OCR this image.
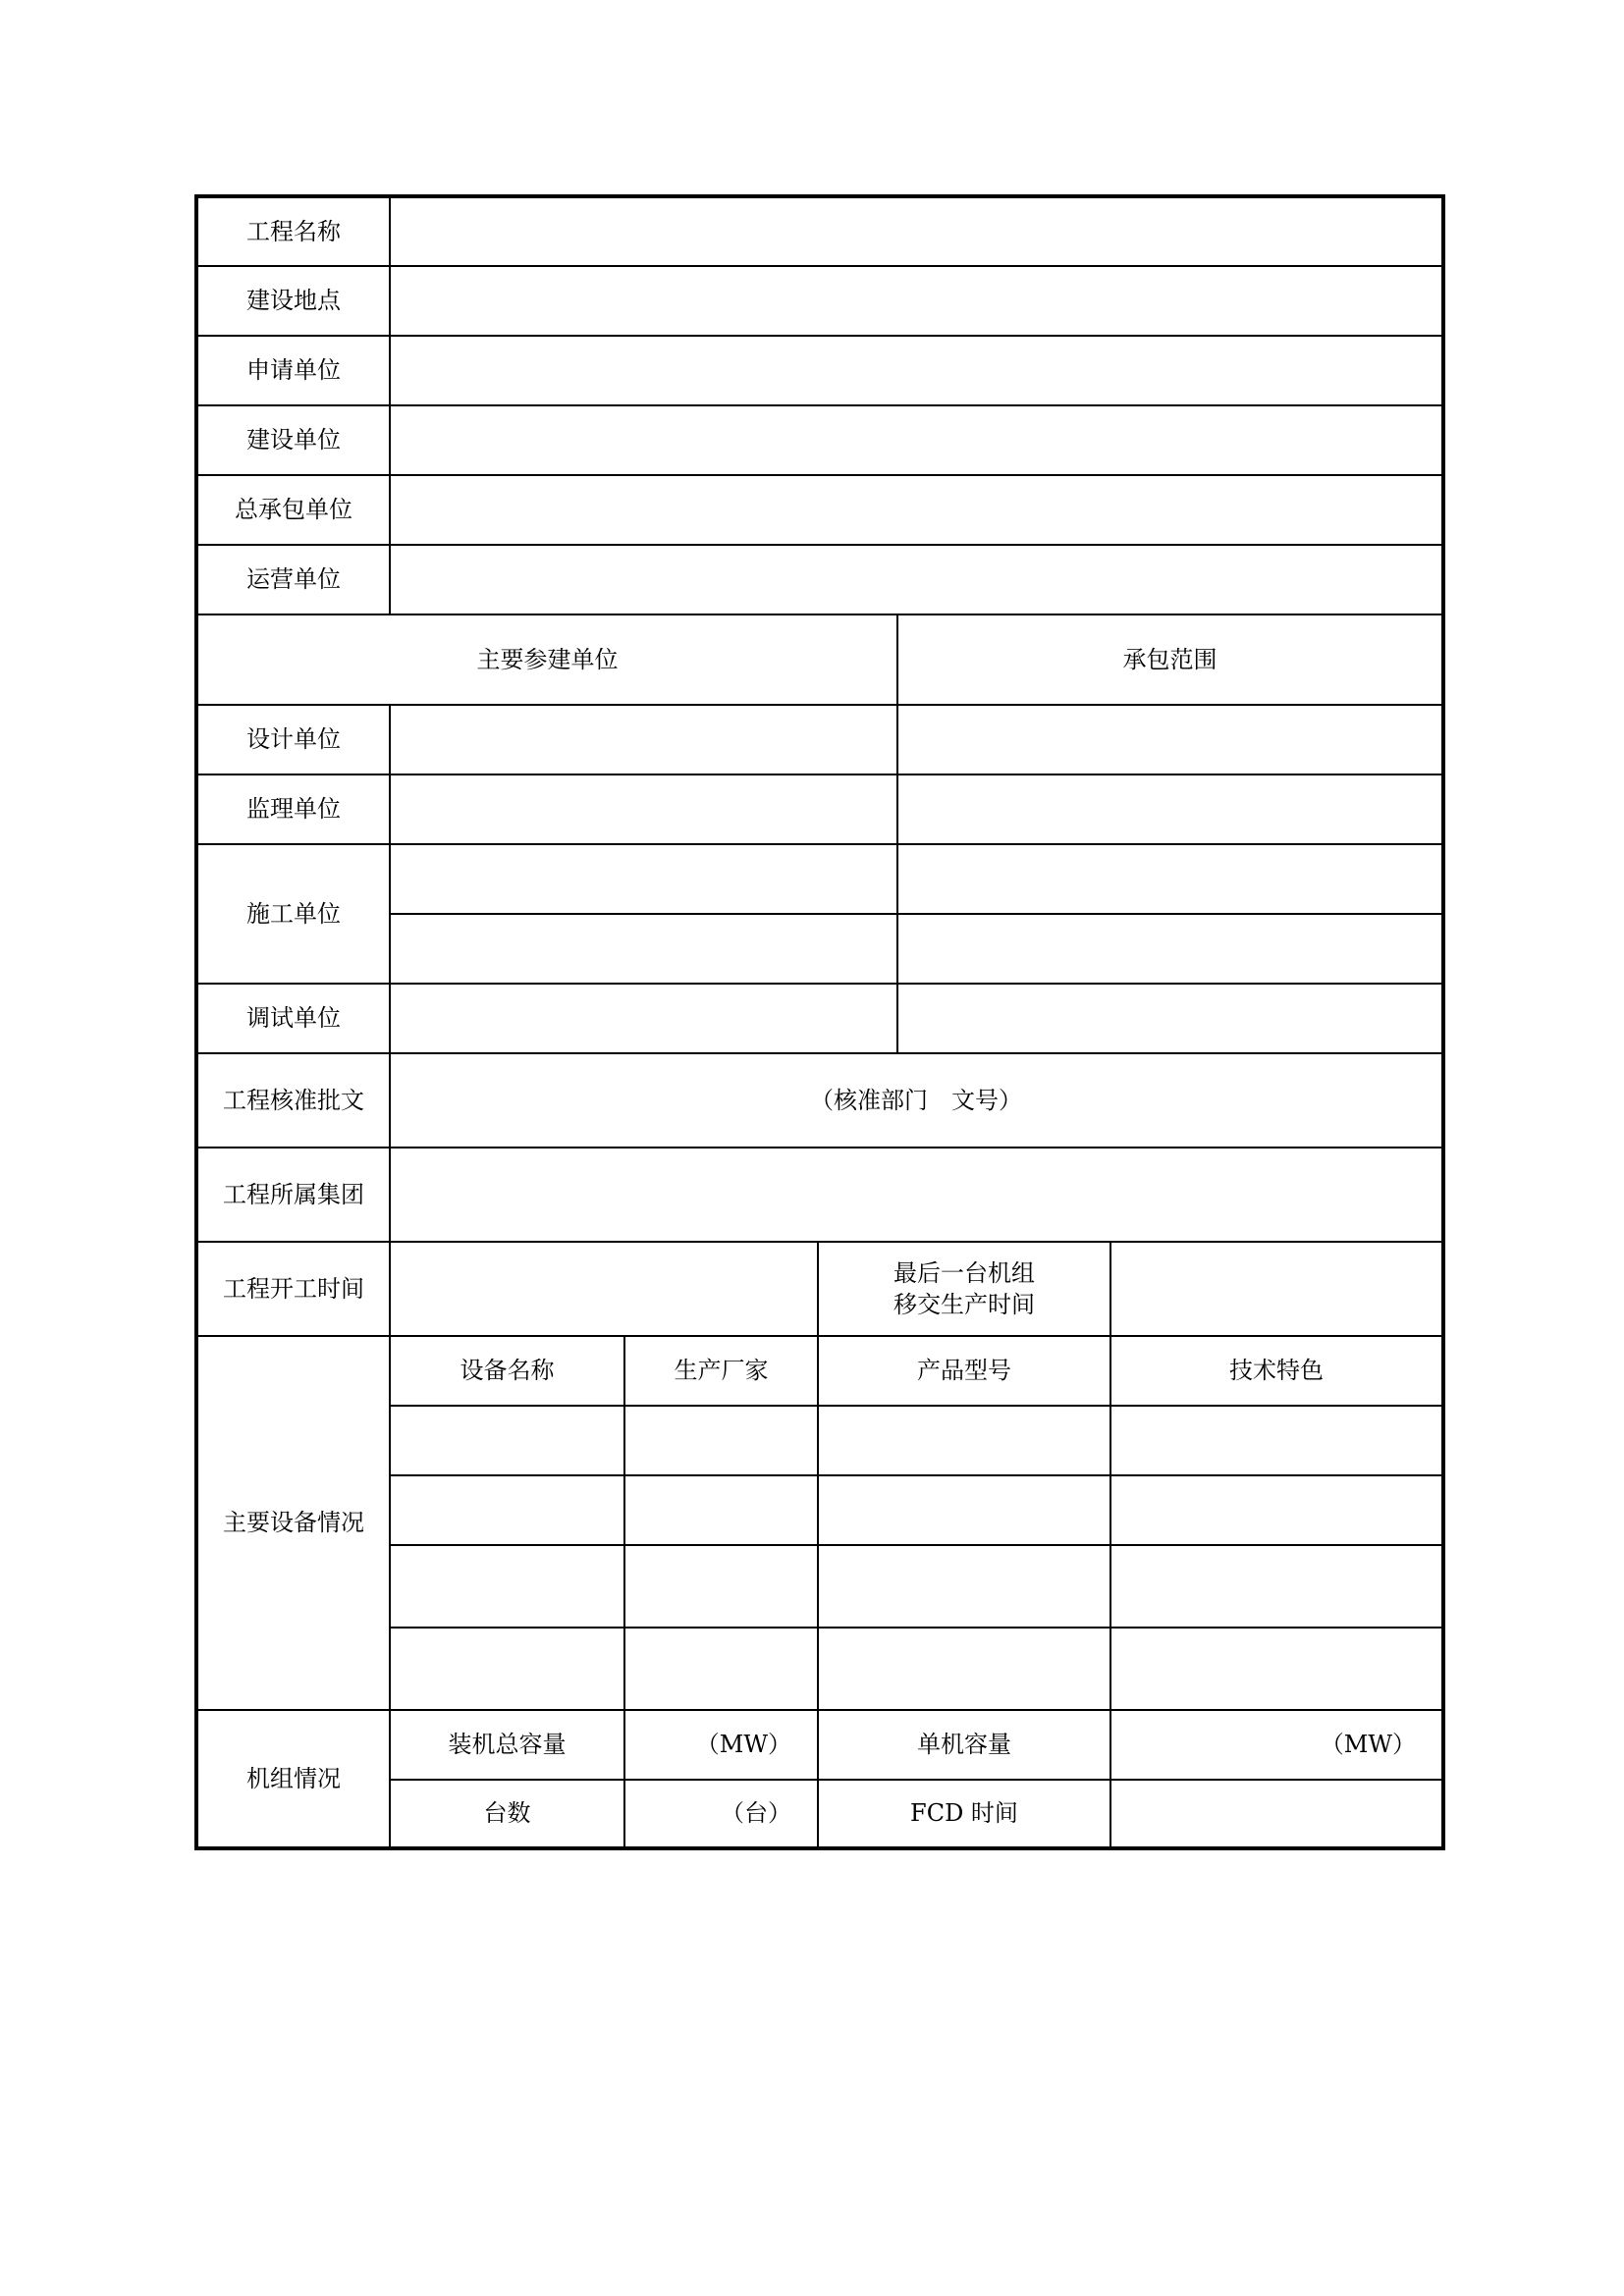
工程名称					
建设地点					
申请单位					
建设单位					
总承包单位					
运营单位					
主要参建单位				承包范围	
设计单位					
监理单位					
施工单位					

调试单位					
工程核准批文	（核准部门　文号）				
工程所属集团					
工程开工时间			最后一台机组
移交生产时间		

主要设备情况	设备名称	生产厂家	产品型号		技术特色

机组情况	装机总容量	（MW）	单机容量		（MW）
	台数	（台）	FCD 时间		
